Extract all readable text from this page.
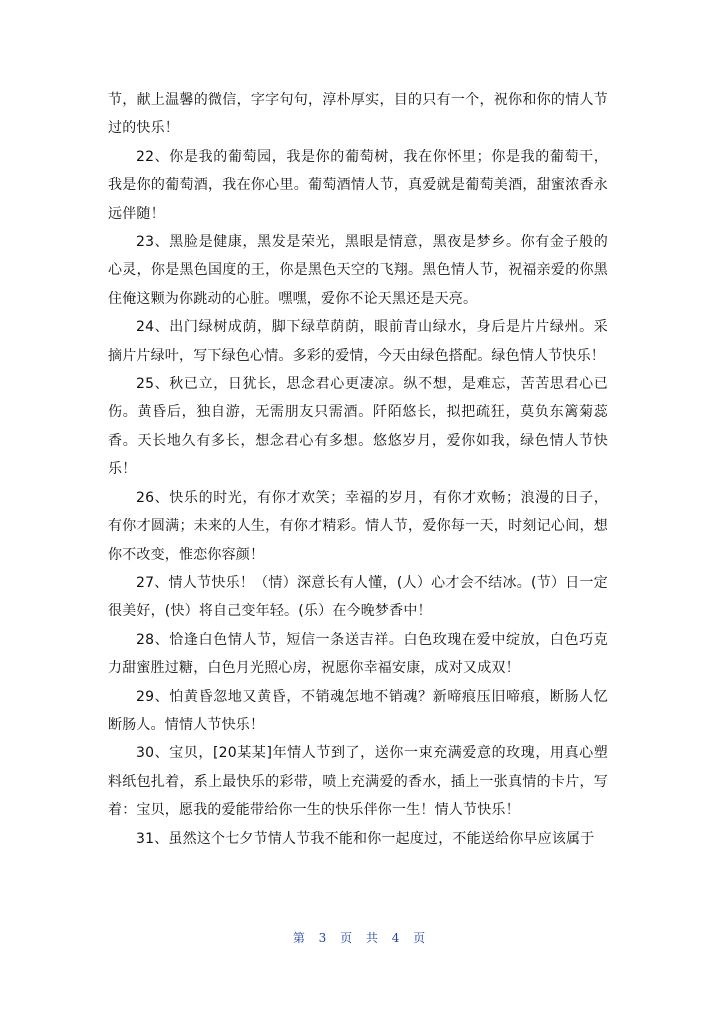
节，献上温馨的微信，字字句句，淳朴厚实，目的只有一个，祝你和你的情人节过的快乐！

22、你是我的葡萄园，我是你的葡萄树，我在你怀里；你是我的葡萄干，我是你的葡萄酒，我在你心里。葡萄酒情人节，真爱就是葡萄美酒，甜蜜浓香永远伴随！

23、黑脸是健康，黑发是荣光，黑眼是情意，黑夜是梦乡。你有金子般的心灵，你是黑色国度的王，你是黑色天空的飞翔。黑色情人节，祝福亲爱的你黑住俺这颗为你跳动的心脏。嘿嘿，爱你不论天黑还是天亮。

24、出门绿树成荫，脚下绿草荫荫，眼前青山绿水，身后是片片绿州。采摘片片绿叶，写下绿色心情。多彩的爱情，今天由绿色搭配。绿色情人节快乐！

25、秋已立，日犹长，思念君心更凄凉。纵不想，是难忘，苦苦思君心已伤。黄昏后，独自游，无需朋友只需酒。阡陌悠长，拟把疏狂，莫负东篱菊蕊香。天长地久有多长，想念君心有多想。悠悠岁月，爱你如我，绿色情人节快乐！

26、快乐的时光，有你才欢笑；幸福的岁月，有你才欢畅；浪漫的日子，有你才圆满；未来的人生，有你才精彩。情人节，爱你每一天，时刻记心间，想你不改变，惟恋你容颜！

27、情人节快乐！（情）深意长有人懂，(人）心才会不结冰。(节）日一定很美好，(快）将自己变年轻。(乐）在今晚梦香中！

28、恰逢白色情人节，短信一条送吉祥。白色玫瑰在爱中绽放，白色巧克力甜蜜胜过糖，白色月光照心房，祝愿你幸福安康，成对又成双！

29、怕黄昏忽地又黄昏，不销魂怎地不销魂？新啼痕压旧啼痕，断肠人忆断肠人。情情人节快乐！

30、宝贝，[20某某]年情人节到了，送你一束充满爱意的玫瑰，用真心塑料纸包扎着，系上最快乐的彩带，喷上充满爱的香水，插上一张真情的卡片，写着：宝贝，愿我的爱能带给你一生的快乐伴你一生！情人节快乐！

31、虽然这个七夕节情人节我不能和你一起度过，不能送给你早应该属于

第 3 页 共 4 页
